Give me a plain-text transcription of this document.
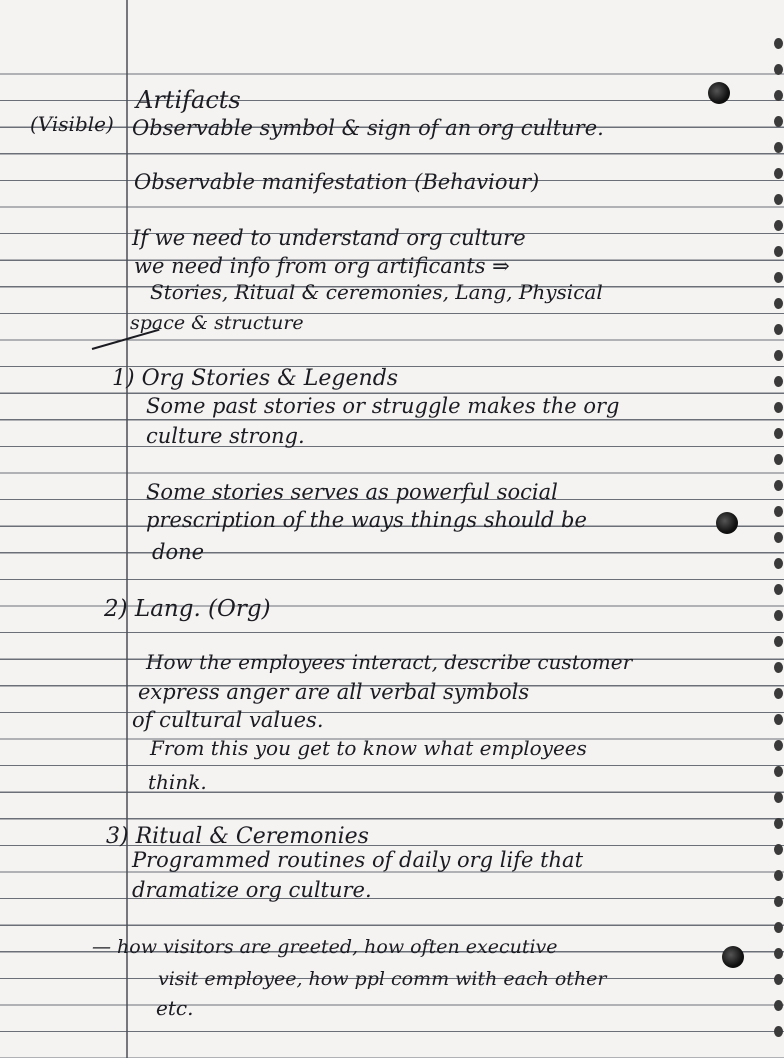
(Visible)
Artifacts
Observable symbol & sign of an org culture.
Observable manifestation (Behaviour)
If we need to understand org culture
we need info from org artificants ⇒
Stories, Ritual & ceremonies, Lang, Physical
space & structure
1) Org Stories & Legends
Some past stories or struggle makes the org
culture strong.
Some stories serves as powerful social
prescription of the ways things should be
done
2) Lang. (Org)
How the employees interact, describe customer
express anger are all verbal symbols
of cultural values.
From this you get to know what employees
think.
3) Ritual & Ceremonies
Programmed routines of daily org life that
dramatize org culture.
— how visitors are greeted, how often executive
visit employee, how ppl comm with each other
etc.
